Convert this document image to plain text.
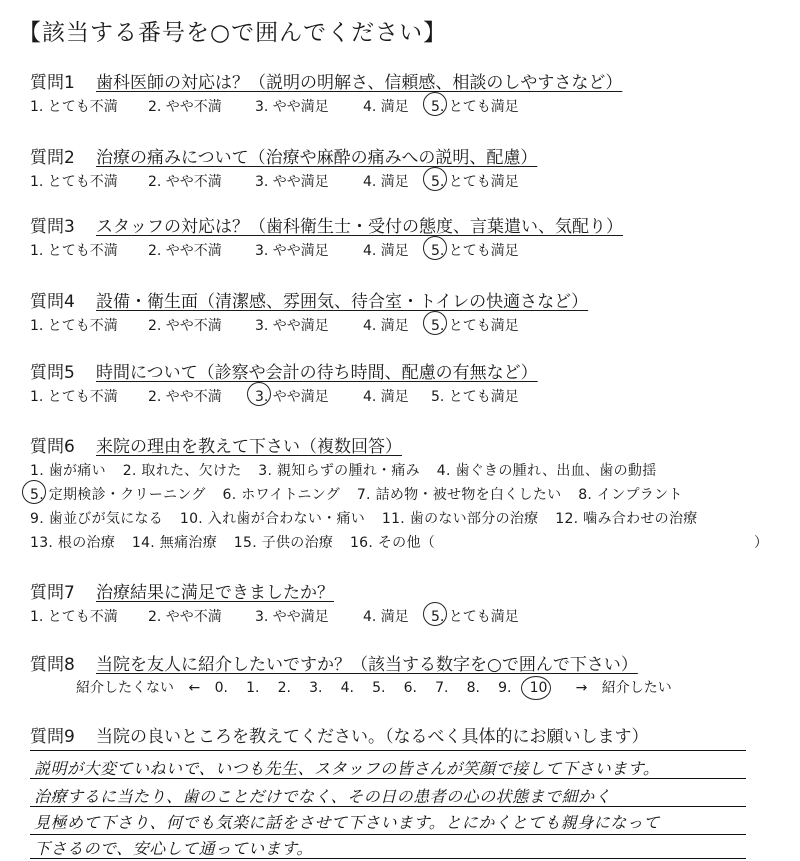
【該当する番号を○で囲んでください】
質問1 歯科医師の対応は？（説明の明解さ、信頼感、相談のしやすさなど）
1. とても不満	2. やや不満	3. やや満足	4. 満足	5. とても満足
質問2 治療の痛みについて（治療や麻酔の痛みへの説明、配慮）
1. とても不満	2. やや不満	3. やや満足	4. 満足	5. とても満足
質問3 スタッフの対応は？（歯科衛生士・受付の態度、言葉遣い、気配り）
1. とても不満	2. やや不満	3. やや満足	4. 満足	5. とても満足
質問4 設備・衛生面（清潔感、雰囲気、待合室・トイレの快適さなど）
1. とても不満	2. やや不満	3. やや満足	4. 満足	5. とても満足
質問5 時間について（診察や会計の待ち時間、配慮の有無など）
1. とても不満	2. やや不満	3. やや満足	4. 満足	5. とても満足
質問6 来院の理由を教えて下さい（複数回答）
1. 歯が痛い 2. 取れた、欠けた 3. 親知らずの腫れ・痛み 4. 歯ぐきの腫れ、出血、歯の動揺
5. 定期検診・クリーニング 6. ホワイトニング 7. 詰め物・被せ物を白くしたい 8. インプラント
9. 歯並びが気になる 10. 入れ歯が合わない・痛い 11. 歯のない部分の治療 12. 噛み合わせの治療
13. 根の治療 14. 無痛治療 15. 子供の治療 16. その他（	）
質問7 治療結果に満足できましたか？
1. とても不満	2. やや不満	3. やや満足	4. 満足	5. とても満足
質問8 当院を友人に紹介したいですか？（該当する数字を○で囲んで下さい）
紹介したくない ← 0. 1. 2. 3. 4. 5. 6. 7. 8. 9. 10 → 紹介したい
質問9 当院の良いところを教えてください。（なるべく具体的にお願いします）
説明が大変ていねいで、いつも先生、スタッフの皆さんが笑顔で接して下さいます。
治療するに当たり、歯のことだけでなく、その日の患者の心の状態まで細かく
見極めて下さり、何でも気楽に話をさせて下さいます。とにかくとても親身になって
下さるので、安心して通っています。
